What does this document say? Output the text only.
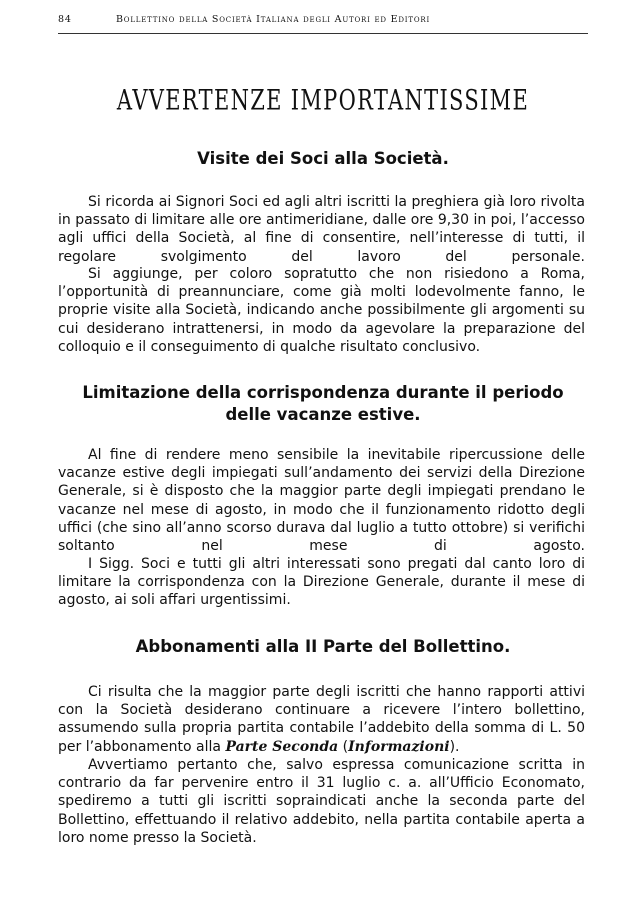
84	Bollettino della Società Italiana degli Autori ed Editori
AVVERTENZE IMPORTANTISSIME
Visite dei Soci alla Società.

Si ricorda ai Signori Soci ed agli altri iscritti la preghiera già loro rivolta in passato di limitare alle ore antimeridiane, dalle ore 9,30 in poi, l’accesso agli uffici della Società, al fine di consentire, nell’interesse di tutti, il regolare svolgimento del lavoro del personale.

Si aggiunge, per coloro sopratutto che non risiedono a Roma, l’opportunità di preannunciare, come già molti lodevolmente fanno, le proprie visite alla Società, indicando anche possibilmente gli argomenti su cui desiderano intrattenersi, in modo da agevolare la preparazione del colloquio e il conseguimento di qualche risultato conclusivo.

Limitazione della corrispondenza durante il periodo
delle vacanze estive.

Al fine di rendere meno sensibile la inevitabile ripercussione delle vacanze estive degli impiegati sull’andamento dei servizi della Direzione Generale, si è disposto che la maggior parte degli impiegati prendano le vacanze nel mese di agosto, in modo che il funzionamento ridotto degli uffici (che sino all’anno scorso durava dal luglio a tutto ottobre) si verifichi soltanto nel mese di agosto.

I Sigg. Soci e tutti gli altri interessati sono pregati dal canto loro di limitare la corrispondenza con la Direzione Generale, durante il mese di agosto, ai soli affari urgentissimi.

Abbonamenti alla II Parte del Bollettino.

Ci risulta che la maggior parte degli iscritti che hanno rapporti attivi con la Società desiderano continuare a ricevere l’intero bollettino, assumendo sulla propria partita contabile l’addebito della somma di L. 50 per l’abbonamento alla Parte Seconda (Informazioni).

Avvertiamo pertanto che, salvo espressa comunicazione scritta in contrario da far pervenire entro il 31 luglio c. a. all’Ufficio Economato, spediremo a tutti gli iscritti sopraindicati anche la seconda parte del Bollettino, effettuando il relativo addebito, nella partita contabile aperta a loro nome presso la Società.
